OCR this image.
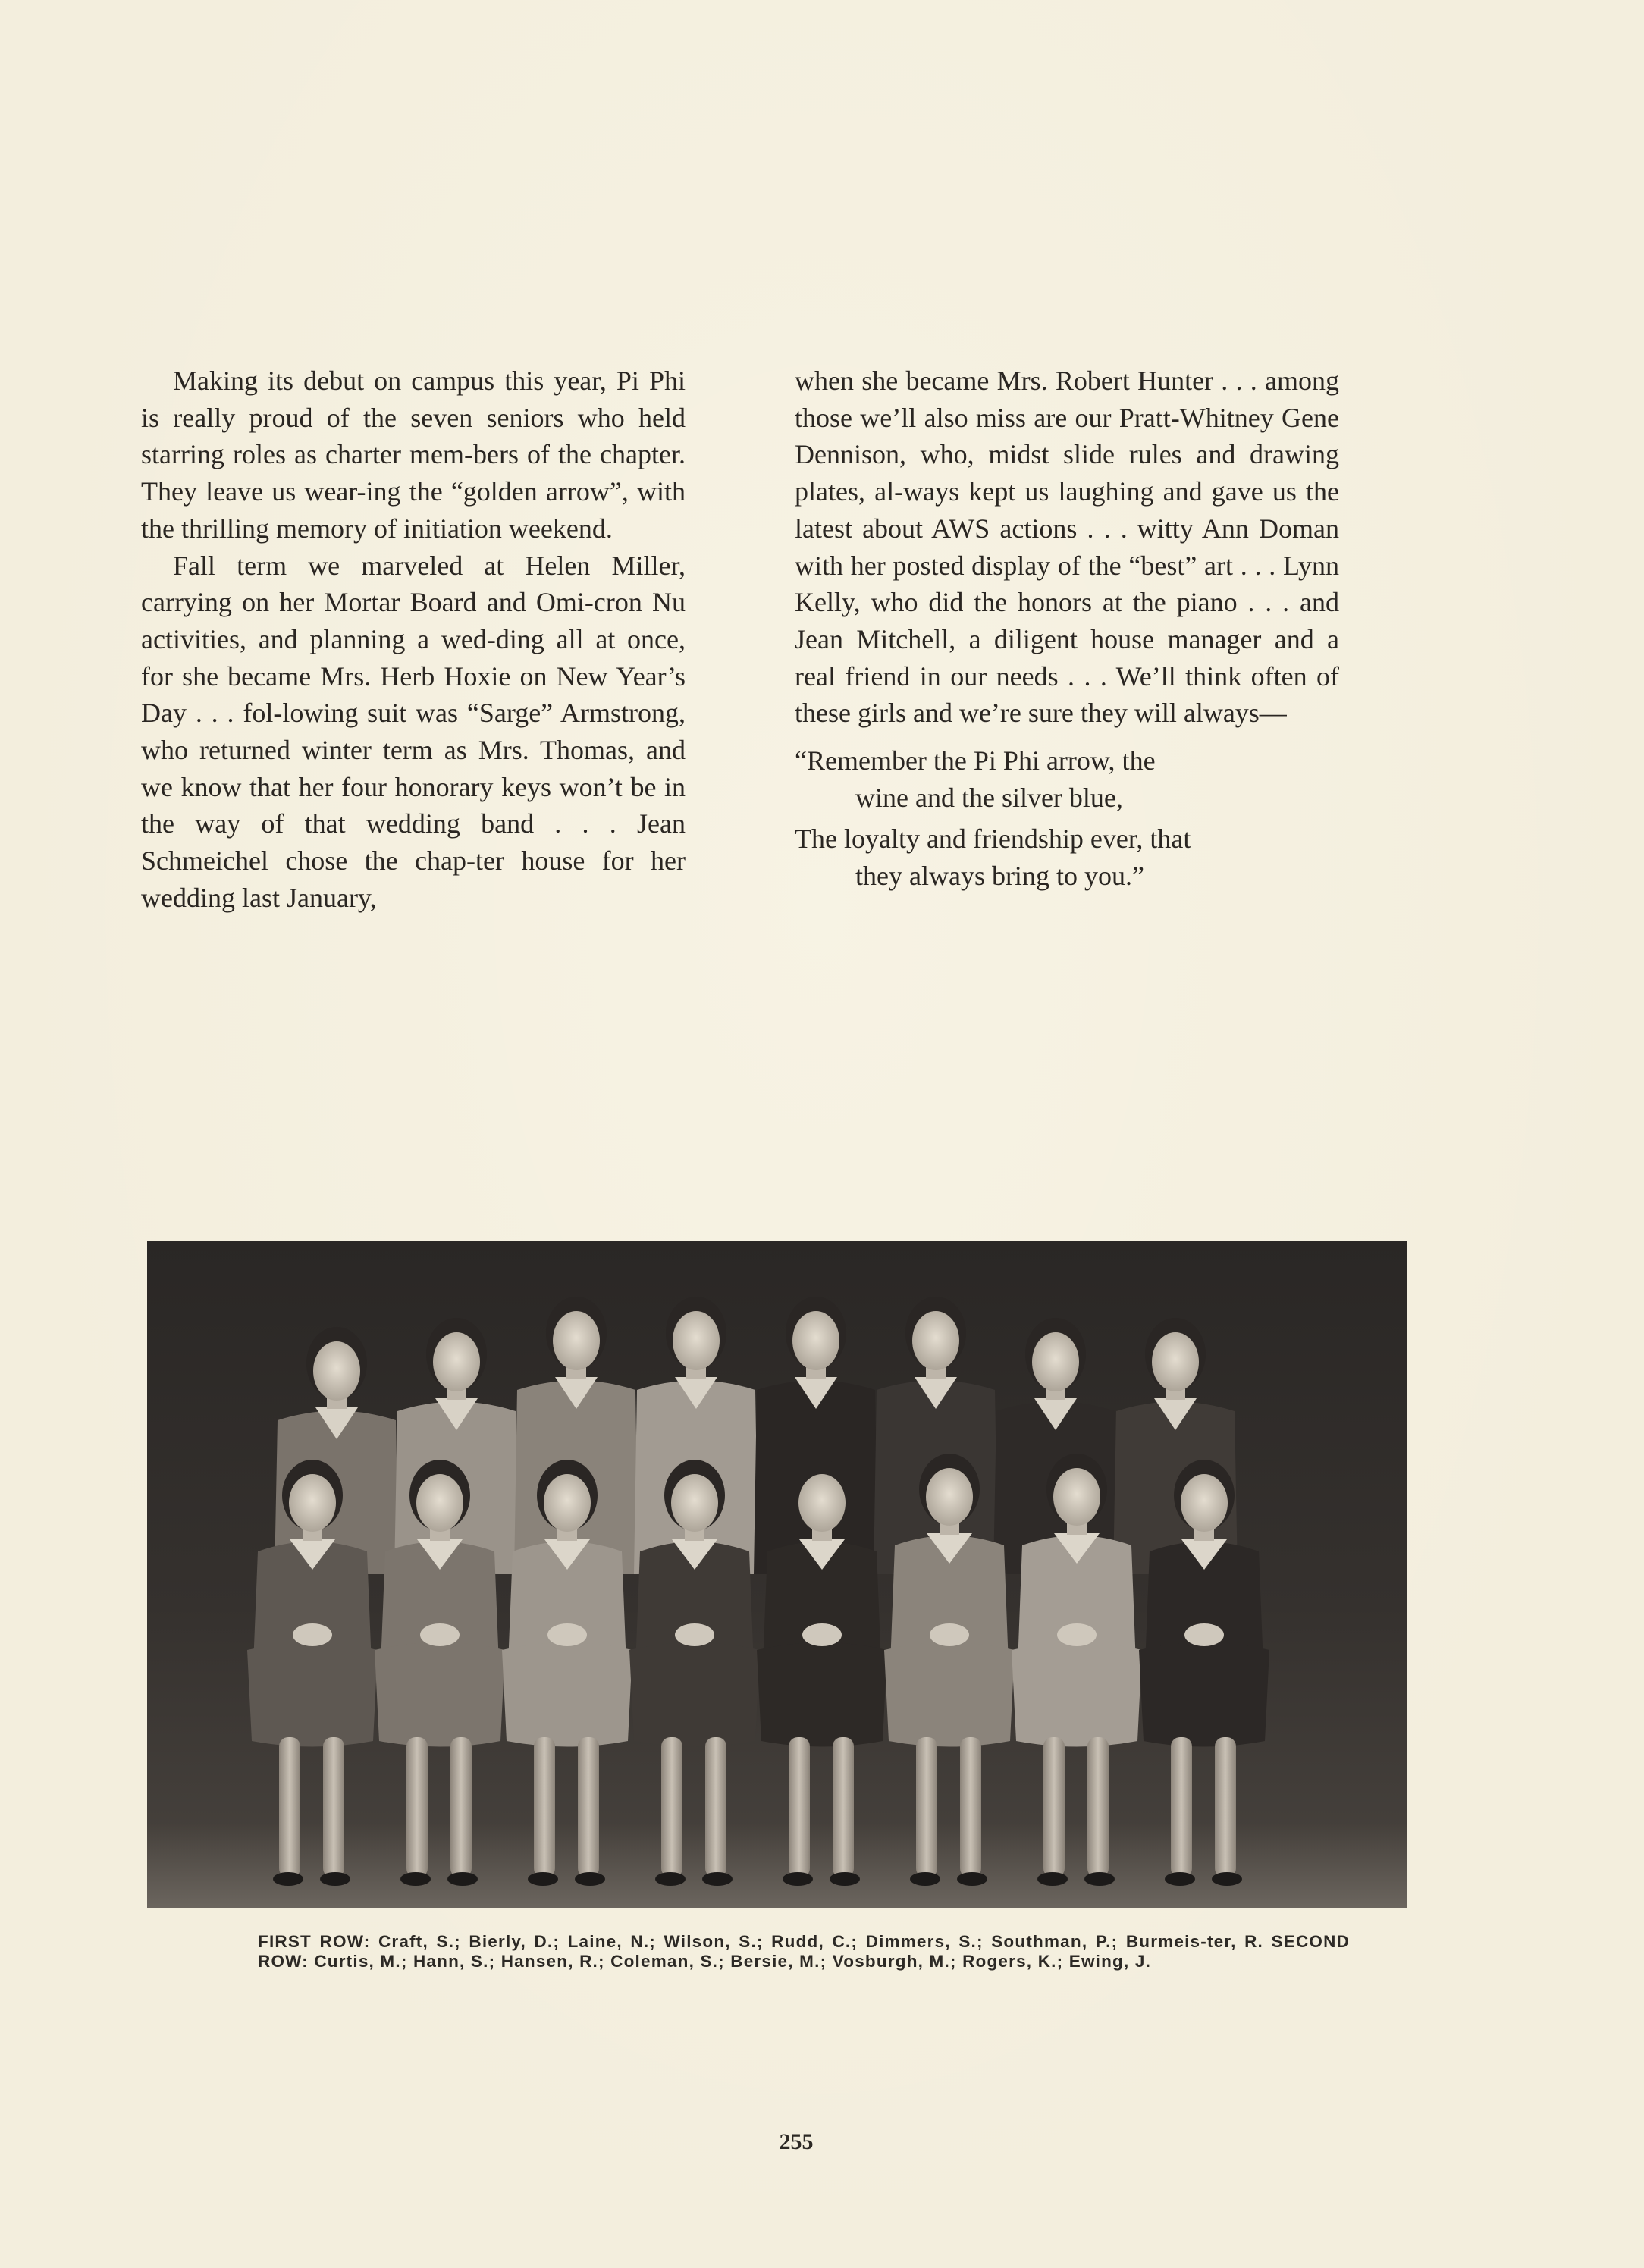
Making its debut on campus this year, Pi Phi is really proud of the seven seniors who held starring roles as charter mem-bers of the chapter. They leave us wear-ing the “golden arrow”, with the thrilling memory of initiation weekend.

Fall term we marveled at Helen Miller, carrying on her Mortar Board and Omi-cron Nu activities, and planning a wed-ding all at once, for she became Mrs. Herb Hoxie on New Year’s Day . . . fol-lowing suit was “Sarge” Armstrong, who returned winter term as Mrs. Thomas, and we know that her four honorary keys won’t be in the way of that wedding band . . . Jean Schmeichel chose the chap-ter house for her wedding last January,

when she became Mrs. Robert Hunter . . . among those we’ll also miss are our Pratt-Whitney Gene Dennison, who, midst slide rules and drawing plates, al-ways kept us laughing and gave us the latest about AWS actions . . . witty Ann Doman with her posted display of the “best” art . . . Lynn Kelly, who did the honors at the piano . . . and Jean Mitchell, a diligent house manager and a real friend in our needs . . . We’ll think often of these girls and we’re sure they will always—

“Remember the Pi Phi arrow, the
wine and the silver blue,
The loyalty and friendship ever, that
they always bring to you.”
FIRST ROW: Craft, S.; Bierly, D.; Laine, N.; Wilson, S.; Rudd, C.; Dimmers, S.; Southman, P.; Burmeis-ter, R. SECOND ROW: Curtis, M.; Hann, S.; Hansen, R.; Coleman, S.; Bersie, M.; Vosburgh, M.; Rogers, K.; Ewing, J.
255
